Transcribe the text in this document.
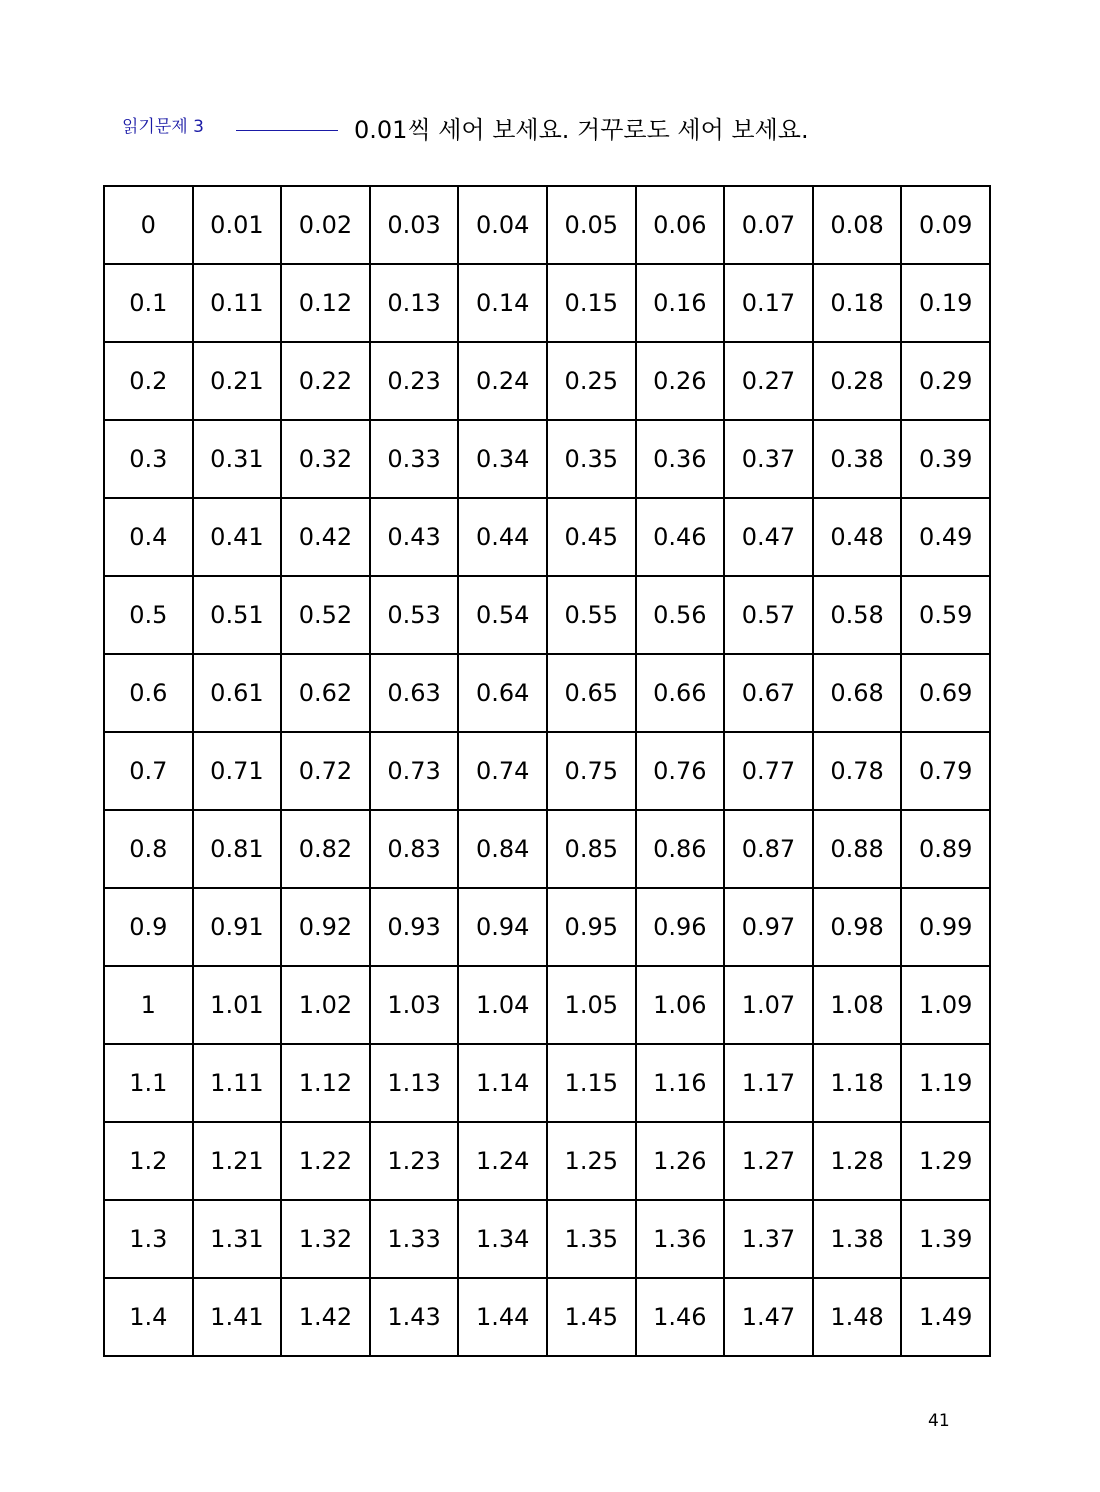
읽기문제 3	0.01씩 세어 보세요. 거꾸로도 세어 보세요.
0	0.01	0.02	0.03	0.04	0.05	0.06	0.07	0.08	0.09
0.1	0.11	0.12	0.13	0.14	0.15	0.16	0.17	0.18	0.19
0.2	0.21	0.22	0.23	0.24	0.25	0.26	0.27	0.28	0.29
0.3	0.31	0.32	0.33	0.34	0.35	0.36	0.37	0.38	0.39
0.4	0.41	0.42	0.43	0.44	0.45	0.46	0.47	0.48	0.49
0.5	0.51	0.52	0.53	0.54	0.55	0.56	0.57	0.58	0.59
0.6	0.61	0.62	0.63	0.64	0.65	0.66	0.67	0.68	0.69
0.7	0.71	0.72	0.73	0.74	0.75	0.76	0.77	0.78	0.79
0.8	0.81	0.82	0.83	0.84	0.85	0.86	0.87	0.88	0.89
0.9	0.91	0.92	0.93	0.94	0.95	0.96	0.97	0.98	0.99
1	1.01	1.02	1.03	1.04	1.05	1.06	1.07	1.08	1.09
1.1	1.11	1.12	1.13	1.14	1.15	1.16	1.17	1.18	1.19
1.2	1.21	1.22	1.23	1.24	1.25	1.26	1.27	1.28	1.29
1.3	1.31	1.32	1.33	1.34	1.35	1.36	1.37	1.38	1.39
1.4	1.41	1.42	1.43	1.44	1.45	1.46	1.47	1.48	1.49
41
